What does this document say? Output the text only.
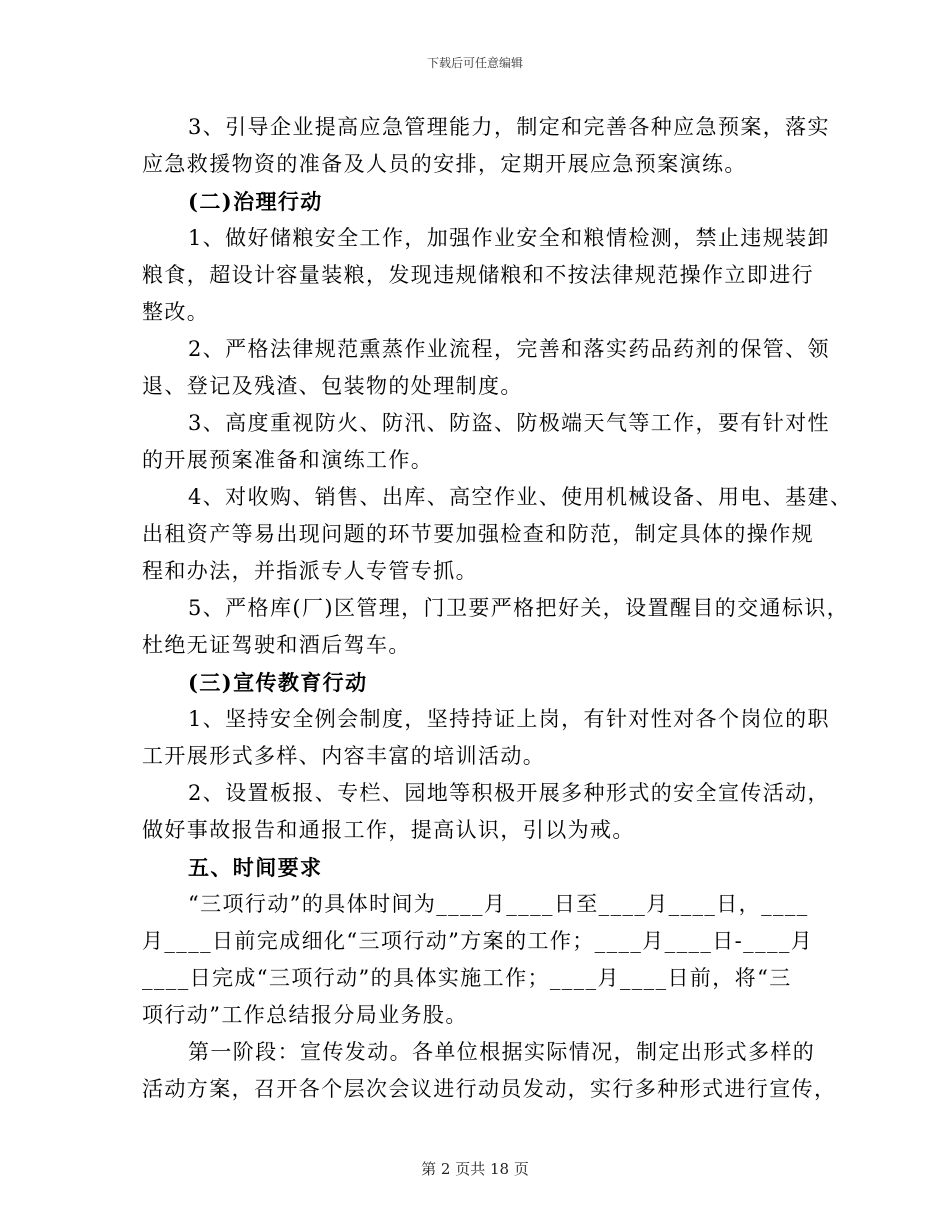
下载后可任意编辑
3、引导企业提高应急管理能力，制定和完善各种应急预案，落实
应急救援物资的准备及人员的安排，定期开展应急预案演练。
(二)治理行动
1、做好储粮安全工作，加强作业安全和粮情检测，禁止违规装卸
粮食，超设计容量装粮，发现违规储粮和不按法律规范操作立即进行
整改。
2、严格法律规范熏蒸作业流程，完善和落实药品药剂的保管、领
退、登记及残渣、包装物的处理制度。
3、高度重视防火、防汛、防盗、防极端天气等工作，要有针对性
的开展预案准备和演练工作。
4、对收购、销售、出库、高空作业、使用机械设备、用电、基建、
出租资产等易出现问题的环节要加强检查和防范，制定具体的操作规
程和办法，并指派专人专管专抓。
5、严格库(厂)区管理，门卫要严格把好关，设置醒目的交通标识，
杜绝无证驾驶和酒后驾车。
(三)宣传教育行动
1、坚持安全例会制度，坚持持证上岗，有针对性对各个岗位的职
工开展形式多样、内容丰富的培训活动。
2、设置板报、专栏、园地等积极开展多种形式的安全宣传活动，
做好事故报告和通报工作，提高认识，引以为戒。
五、时间要求
“三项行动”的具体时间为____月____日至____月____日，____
月____日前完成细化“三项行动”方案的工作；____月____日-____月
____日完成“三项行动”的具体实施工作；____月____日前，将“三
项行动”工作总结报分局业务股。
第一阶段：宣传发动。各单位根据实际情况，制定出形式多样的
活动方案，召开各个层次会议进行动员发动，实行多种形式进行宣传，
第 2 页共 18 页
